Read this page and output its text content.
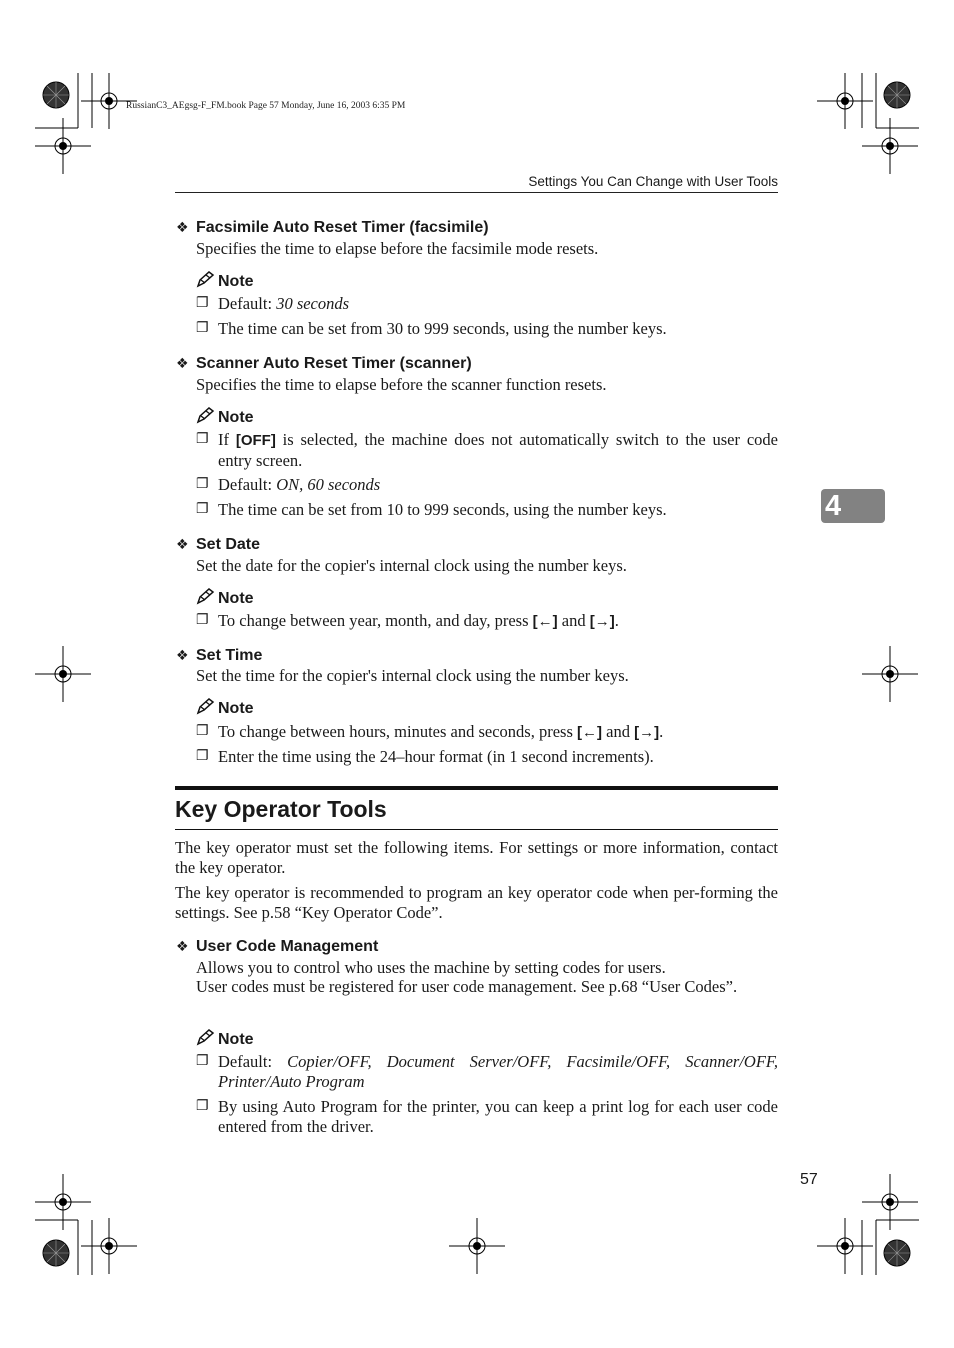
RussianC3_AEgsg-F_FM.book Page 57 Monday, June 16, 2003 6:35 PM
Settings You Can Change with User Tools
4
❖ Facsimile Auto Reset Timer (facsimile)
Specifies the time to elapse before the facsimile mode resets.
Note
❐ Default: 30 seconds
❐ The time can be set from 30 to 999 seconds, using the number keys.
❖ Scanner Auto Reset Timer (scanner)
Specifies the time to elapse before the scanner function resets.
Note
❐ If [OFF] is selected, the machine does not automatically switch to the user code entry screen.
❐ Default: ON, 60 seconds
❐ The time can be set from 10 to 999 seconds, using the number keys.
❖ Set Date
Set the date for the copier's internal clock using the number keys.
Note
❐ To change between year, month, and day, press [←] and [→].
❖ Set Time
Set the time for the copier's internal clock using the number keys.
Note
❐ To change between hours, minutes and seconds, press [←] and [→].
❐ Enter the time using the 24–hour format (in 1 second increments).
Key Operator Tools
The key operator must set the following items. For settings or more information, contact the key operator.
The key operator is recommended to program an key operator code when per-forming the settings. See p.58 “Key Operator Code”.
❖ User Code Management
Allows you to control who uses the machine by setting codes for users.
User codes must be registered for user code management. See p.68 “User Codes”.
Note
❐ Default: Copier/OFF, Document Server/OFF, Facsimile/OFF, Scanner/OFF, Printer/Auto Program
❐ By using Auto Program for the printer, you can keep a print log for each user code entered from the driver.
57
